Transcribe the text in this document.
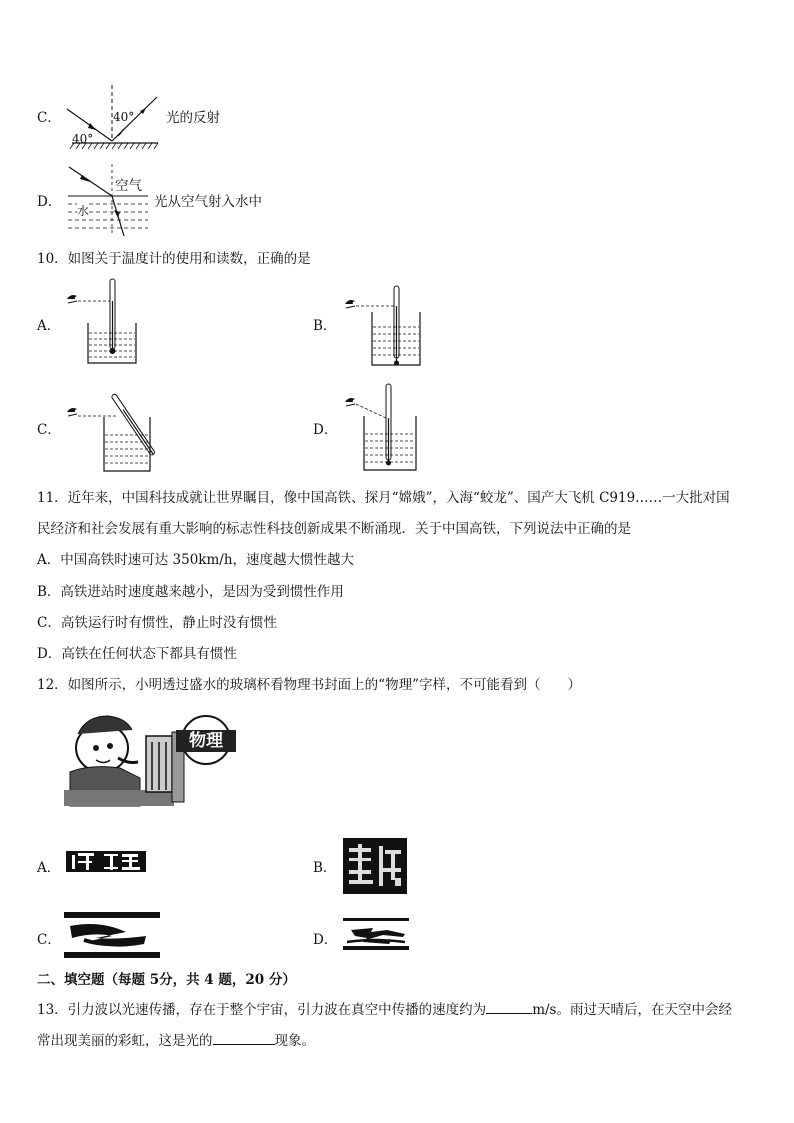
C．	40°
40°
光的反射
D．
空气
水
光从空气射入水中
10．如图关于温度计的使用和读数，正确的是
A．	B．
C．	D．
11．近年来，中国科技成就让世界瞩目，像中国高铁、探月“嫦娥”，入海“蛟龙”、国产大飞机 C919……一大批对国
民经济和社会发展有重大影响的标志性科技创新成果不断涌现．关于中国高铁，下列说法中正确的是
A．中国高铁时速可达 350km/h，速度越大惯性越大
B．高铁进站时速度越来越小，是因为受到惯性作用
C．高铁运行时有惯性，静止时没有惯性
D．高铁在任何状态下都具有惯性
12．如图所示，小明透过盛水的玻璃杯看物理书封面上的“物理”字样，不可能看到（　　）
物理
A．	B．
C．	D．
二、填空题（每题 5分，共 4 题，20 分）
13．引力波以光速传播，存在于整个宇宙，引力波在真空中传播的速度约为	m/s。雨过天晴后，在天空中会经
常出现美丽的彩虹，这是光的	现象。
